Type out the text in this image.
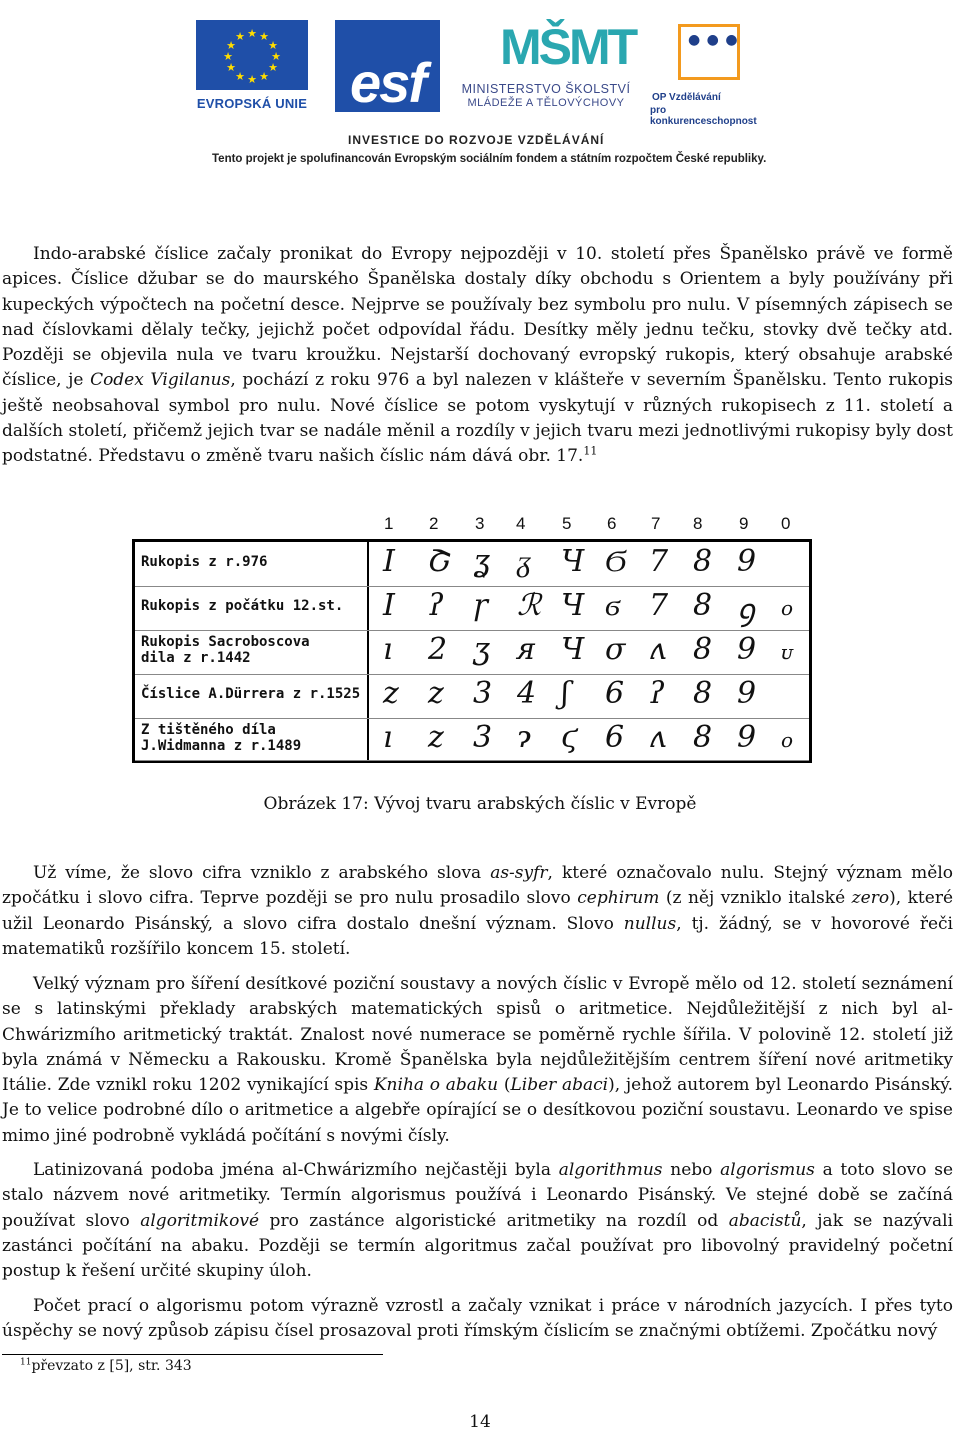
★ ★
★
★
★
★
★
★
★
★
★
★
EVROPSKÁ UNIE esf
MŠMT
MINISTERSTVO ŠKOLSTVÍ
MLÁDEŽE A TĚLOVÝCHOVY
● ● ●
OP Vzdělávání
pro konkurenceschopnost
INVESTICE DO ROZVOJE VZDĚLÁVÁNÍ
Tento projekt je spolufinancován Evropským sociálním fondem a státním rozpočtem České republiky.

Indo-arabské číslice začaly pronikat do Evropy nejpozději v 10. století přes Španělsko právě ve formě apices. Číslice džubar se do maurského Španělska dostaly díky obchodu s Orientem a byly používány při kupeckých výpočtech na početní desce. Nejprve se používaly bez symbolu pro nulu. V písemných zápisech se nad číslovkami dělaly tečky, jejichž počet odpovídal řádu. Desítky měly jednu tečku, stovky dvě tečky atd. Později se objevila nula ve tvaru kroužku. Nejstarší dochovaný evropský rukopis, který obsahuje arabské číslice, je Codex Vigilanus, pochází z roku 976 a byl nalezen v klášteře v severním Španělsku. Tento rukopis ještě neobsahoval symbol pro nulu. Nové číslice se potom vyskytují v různých rukopisech z 11. století a dalších století, přičemž jejich tvar se nadále měnil a rozdíly v jejich tvaru mezi jednotlivými rukopisy byly dost podstatné. Představu o změně tvaru našich číslic nám dává obr. 17.11

1 2 3 4 5 6 7 8 9 0
Rukopis z r.976
Rukopis z počátku 12.st.
Rukopis Sacroboscova dila z r.1442
Číslice A.Dürrera z r.1525
Z tištěného díla J.Widmanna z r.1489
I Շ ʓ ᵹ Ч Ϭ 7 8 9
I ʔ ɼ ℛ Ч ϭ 7 8 ꝯ o
ı 2 ʒ ᴙ Ч σ ʌ 8 9 ᴜ
z z 3 4 ʃ 6 ʔ 8 9
ı z 3 ɂ ϛ 6 ʌ 8 9 o
Obrázek 17: Vývoj tvaru arabských číslic v Evropě

Už víme, že slovo cifra vzniklo z arabského slova as-syfr, které označovalo nulu. Stejný význam mělo zpočátku i slovo cifra. Teprve později se pro nulu prosadilo slovo cephirum (z něj vzniklo italské zero), které užil Leonardo Pisánský, a slovo cifra dostalo dnešní význam. Slovo nullus, tj. žádný, se v hovorové řeči matematiků rozšířilo koncem 15. století.

Velký význam pro šíření desítkové poziční soustavy a nových číslic v Evropě mělo od 12. století seznámení se s latinskými překlady arabských matematických spisů o aritmetice. Nejdůležitější z nich byl al-Chwárizmího aritmetický traktát. Znalost nové numerace se poměrně rychle šířila. V polovině 12. století již byla známá v Německu a Rakousku. Kromě Španělska byla nejdůležitějším centrem šíření nové aritmetiky Itálie. Zde vznikl roku 1202 vynikající spis Kniha o abaku (Liber abaci), jehož autorem byl Leonardo Pisánský. Je to velice podrobné dílo o aritmetice a algebře opírající se o desítkovou poziční soustavu. Leonardo ve spise mimo jiné podrobně vykládá počítání s novými čísly.

Latinizovaná podoba jména al-Chwárizmího nejčastěji byla algorithmus nebo algorismus a toto slovo se stalo názvem nové aritmetiky. Termín algorismus používá i Leonardo Pisánský. Ve stejné době se začíná používat slovo algoritmikové pro zastánce algoristické aritmetiky na rozdíl od abacistů, jak se nazývali zastánci počítání na abaku. Později se termín algoritmus začal používat pro libovolný pravidelný početní postup k řešení určité skupiny úloh.

Počet prací o algorismu potom výrazně vzrostl a začaly vznikat i práce v národních jazycích. I přes tyto úspěchy se nový způsob zápisu čísel prosazoval proti římským číslicím se značnými obtížemi. Zpočátku nový

$^{11}$převzato z [5], str. 343
14
